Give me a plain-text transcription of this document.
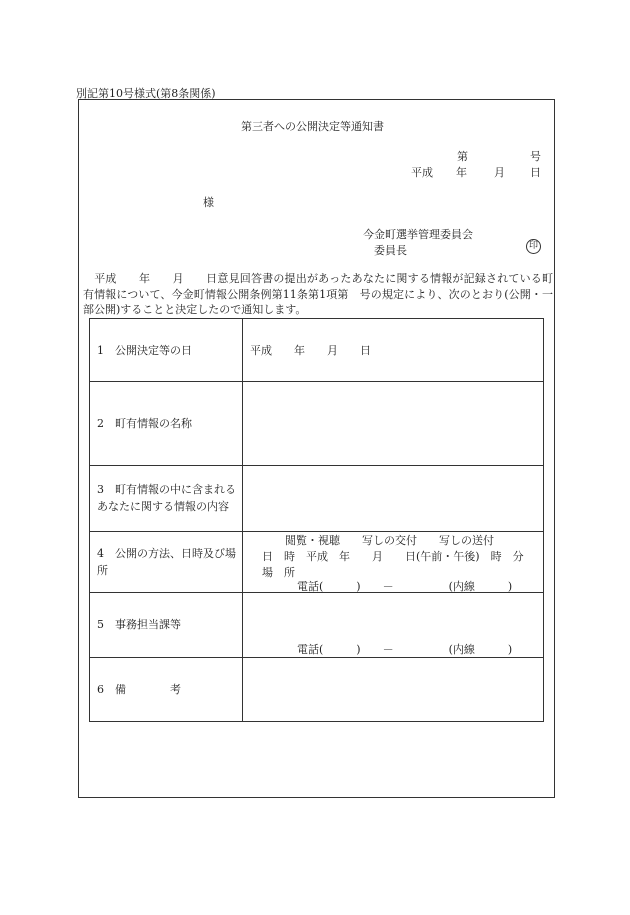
別記第10号様式(第8条関係)
第三者への公開決定等通知書
第	号
平成 年 月 日
様
今金町選挙管理委員会
委員長	印
　平成　　年　　月　　日意見回答書の提出があったあなたに関する情報が記録されている町有情報について、今金町情報公開条例第11条第1項第　号の規定により、次のとおり(公開・一部公開)することと決定したので通知します。
1　公開決定等の日	平成 年 月 日
2　町有情報の名称	
3　町有情報の中に含まれるあなたに関する情報の内容	
4　公開の方法、日時及び場所	閲覧・視聴　　写しの交付　　写しの送付
日　時　平成　年　　月　　日(午前・午後)　時　分
場　所
電話(　　　)　　－　　　　　(内線　　　)

5　事務担当課等	電話(　　　)　　－　　　　　(内線　　　)

6　備　　　　考	
